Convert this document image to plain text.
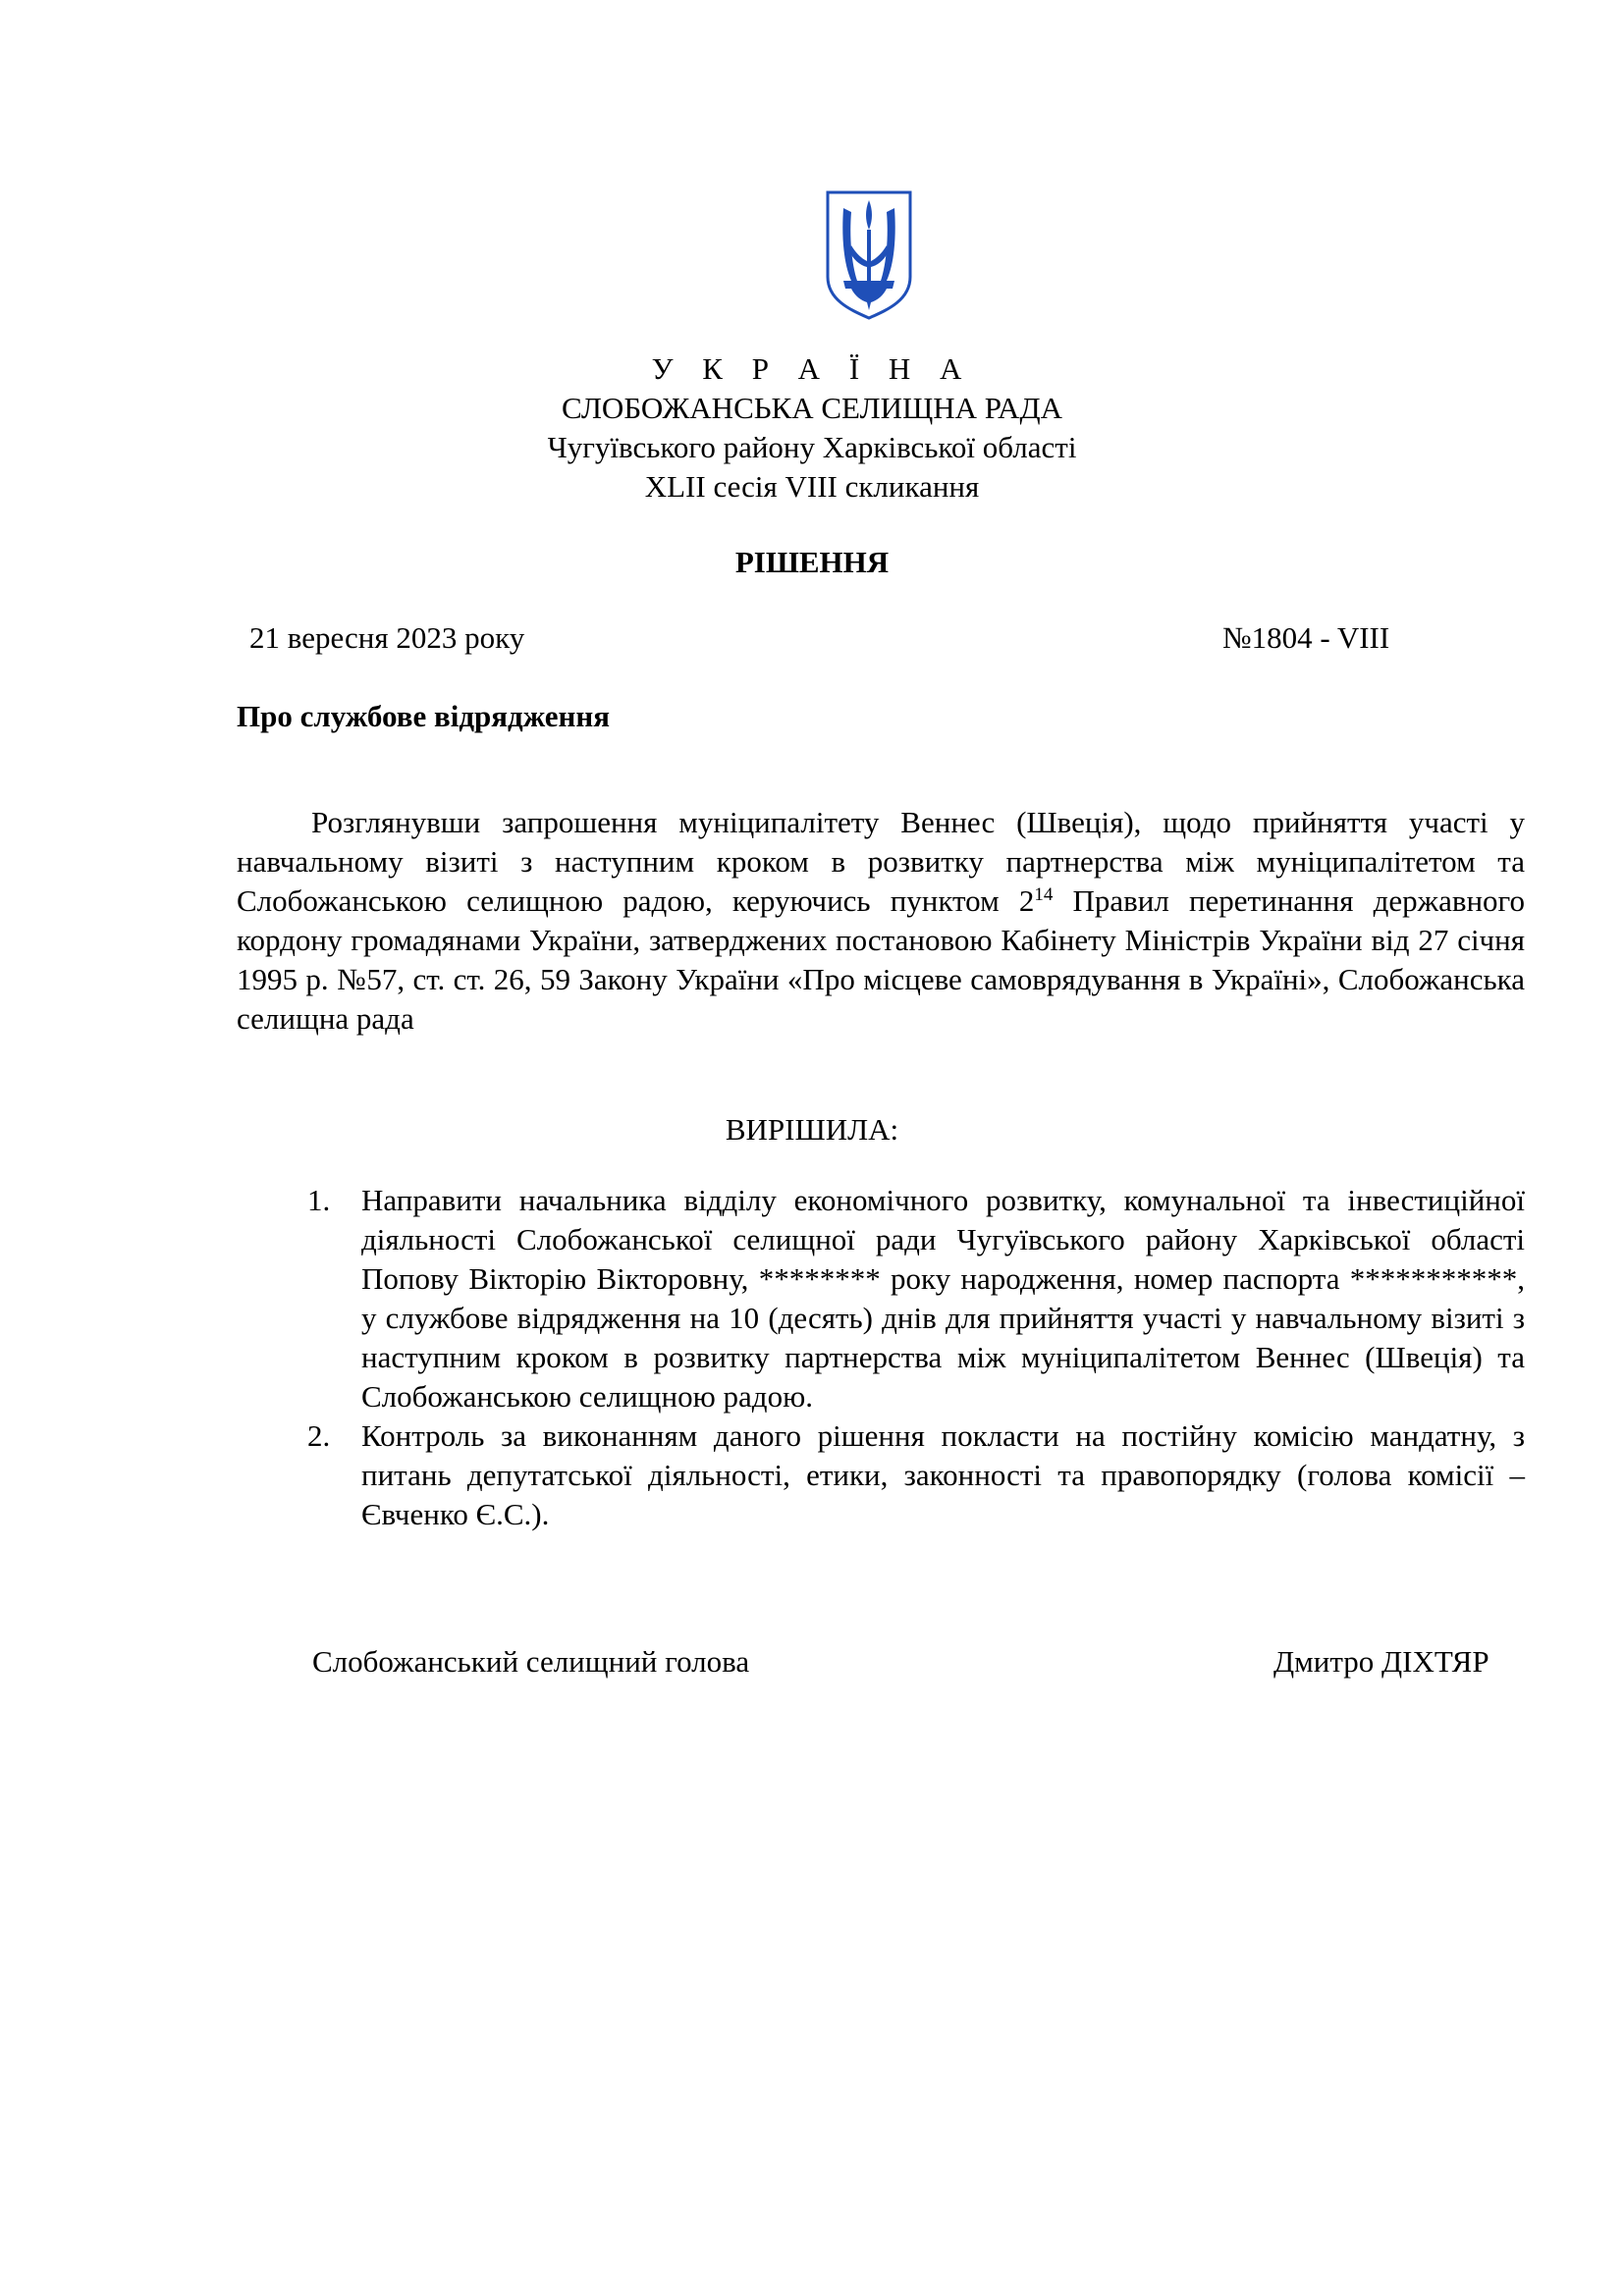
У К Р А Ї Н А
СЛОБОЖАНСЬКА СЕЛИЩНА РАДА
Чугуївського району Харківської області
XLII сесія VIII скликання
РІШЕННЯ
21 вересня 2023 року	№1804 - VIII
Про службове відрядження
Розглянувши запрошення муніципалітету Веннес (Швеція), щодо прийняття участі у навчальному візиті з наступним кроком в розвитку партнерства між муніципалітетом та Слобожанською селищною радою, керуючись пунктом $2^{14}$ Правил перетинання державного кордону громадянами України, затверджених постановою Кабінету Міністрів України від 27 січня 1995 р. №57, ст. ст. 26, 59 Закону України «Про місцеве самоврядування в Україні», Слобожанська селищна рада
ВИРІШИЛА:
1. Направити начальника відділу економічного розвитку, комунальної та інвестиційної діяльності Слобожанської селищної ради Чугуївського району Харківської області Попову Вікторію Вікторовну, ******** року народження, номер паспорта ***********, у службове відрядження на 10 (десять) днів для прийняття участі у навчальному візиті з наступним кроком в розвитку партнерства між муніципалітетом Веннес (Швеція) та Слобожанською селищною радою.
2. Контроль за виконанням даного рішення покласти на постійну комісію мандатну, з питань депутатської діяльності, етики, законності та правопорядку (голова комісії – Євченко Є.С.).
Слобожанський селищний голова	Дмитро ДІХТЯР
